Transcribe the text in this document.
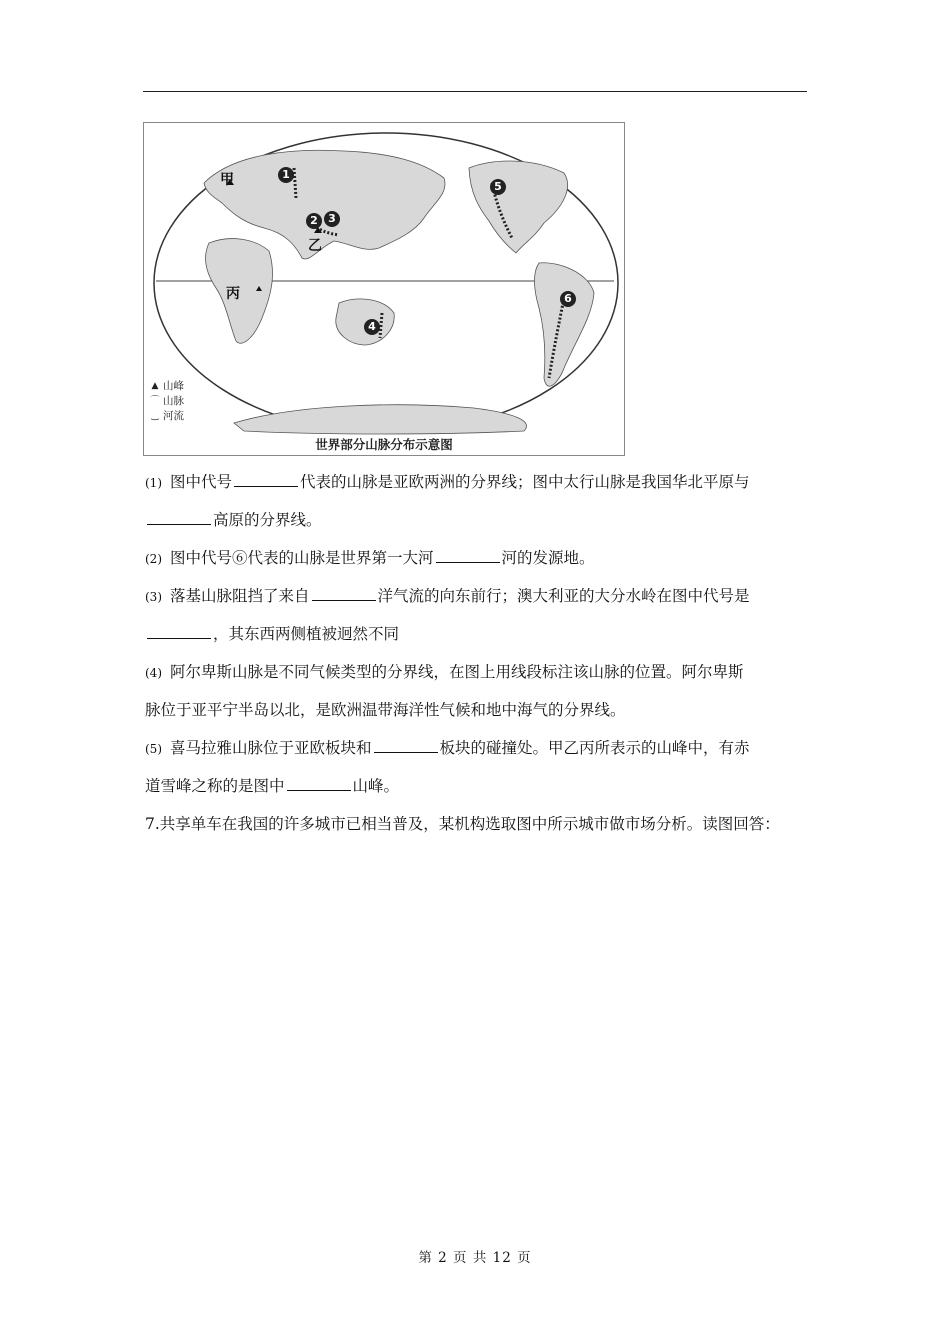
1
2 3
4
5
6
甲
乙
丙
▲ 山峰
⌒ 山脉
‿ 河流
世界部分山脉分布示意图
(1) 图中代号	代表的山脉是亚欧两洲的分界线；图中太行山脉是我国华北平原与
高原的分界线。
(2) 图中代号⑥代表的山脉是世界第一大河	河的发源地。
(3) 落基山脉阻挡了来自	洋气流的向东前行；澳大利亚的大分水岭在图中代号是
，其东西两侧植被迥然不同
(4) 阿尔卑斯山脉是不同气候类型的分界线，在图上用线段标注该山脉的位置。阿尔卑斯
脉位于亚平宁半岛以北，是欧洲温带海洋性气候和地中海气的分界线。
(5) 喜马拉雅山脉位于亚欧板块和	板块的碰撞处。甲乙丙所表示的山峰中，有赤
道雪峰之称的是图中	山峰。
7.共享单车在我国的许多城市已相当普及，某机构选取图中所示城市做市场分析。读图回答：
第 2 页 共 12 页
